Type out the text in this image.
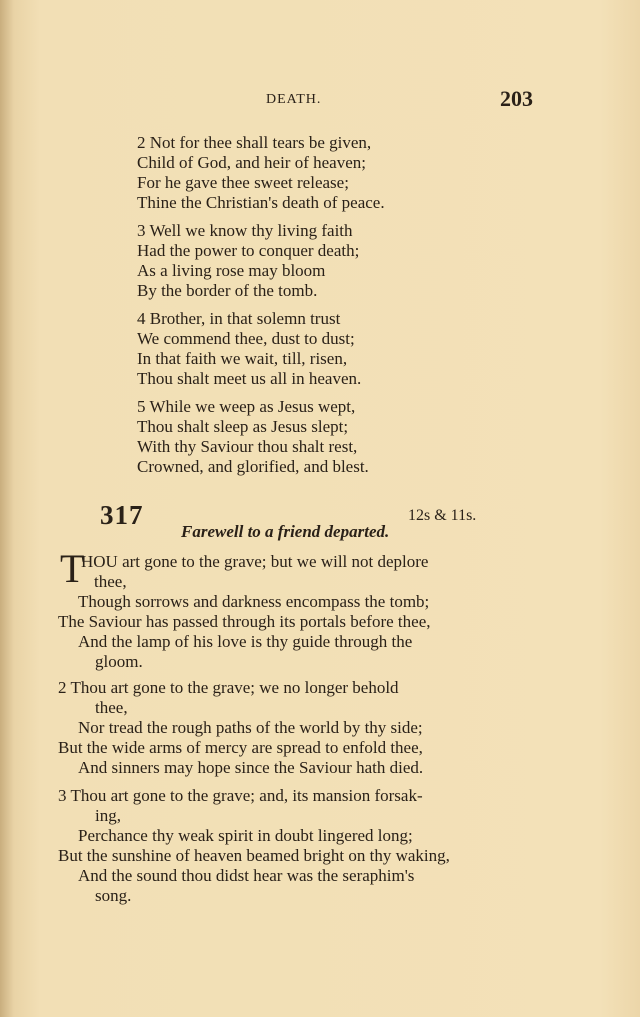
DEATH.	203
2 Not for thee shall tears be given,
Child of God, and heir of heaven;
For he gave thee sweet release;
Thine the Christian's death of peace.
3 Well we know thy living faith
Had the power to conquer death;
As a living rose may bloom
By the border of the tomb.
4 Brother, in that solemn trust
We commend thee, dust to dust;
In that faith we wait, till, risen,
Thou shalt meet us all in heaven.
5 While we weep as Jesus wept,
Thou shalt sleep as Jesus slept;
With thy Saviour thou shalt rest,
Crowned, and glorified, and blest.
317	12s & 11s.
Farewell to a friend departed.
T
HOU art gone to the grave; but we will not deplore
thee,
Though sorrows and darkness encompass the tomb;
The Saviour has passed through its portals before thee,
And the lamp of his love is thy guide through the
gloom.
2 Thou art gone to the grave; we no longer behold
thee,
Nor tread the rough paths of the world by thy side;
But the wide arms of mercy are spread to enfold thee,
And sinners may hope since the Saviour hath died.
3 Thou art gone to the grave; and, its mansion forsak-
ing,
Perchance thy weak spirit in doubt lingered long;
But the sunshine of heaven beamed bright on thy waking,
And the sound thou didst hear was the seraphim's
song.
